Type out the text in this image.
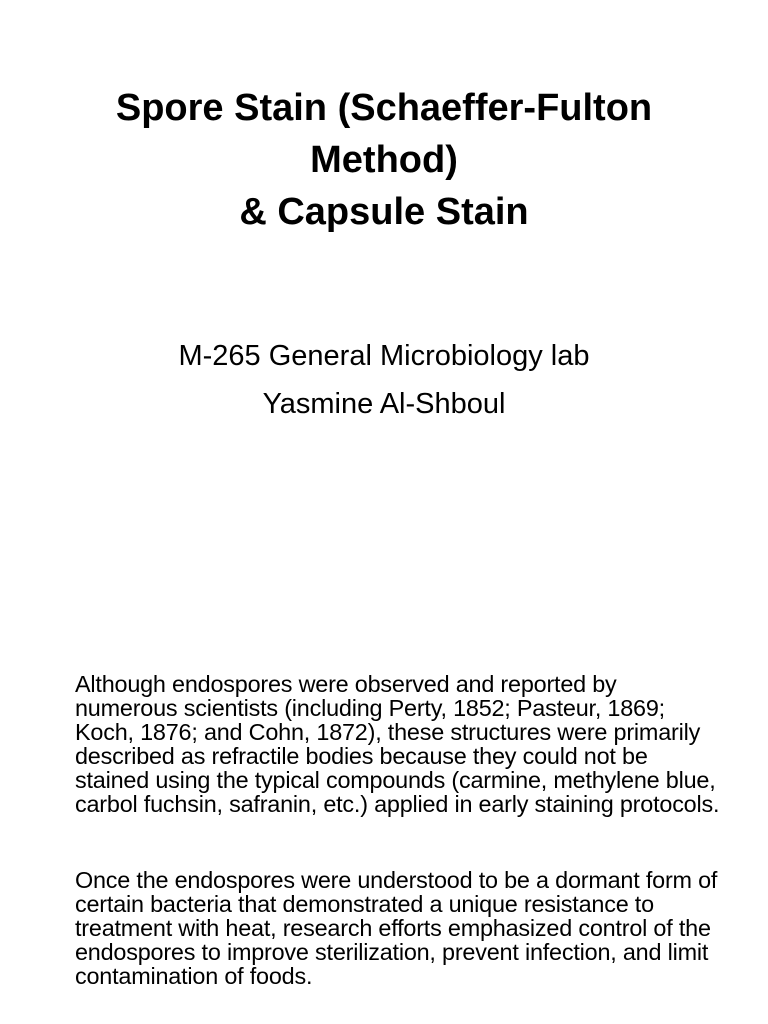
Spore Stain (Schaeffer-Fulton
Method)
& Capsule Stain
M-265 General Microbiology lab
Yasmine Al-Shboul

Although endospores were observed and reported by numerous scientists (including Perty, 1852; Pasteur, 1869; Koch, 1876; and Cohn, 1872), these structures were primarily described as refractile bodies because they could not be stained using the typical compounds (carmine, methylene blue, carbol fuchsin, safranin, etc.) applied in early staining protocols.

Once the endospores were understood to be a dormant form of certain bacteria that demonstrated a unique resistance to treatment with heat, research efforts emphasized control of the endospores to improve sterilization, prevent infection, and limit contamination of foods.
